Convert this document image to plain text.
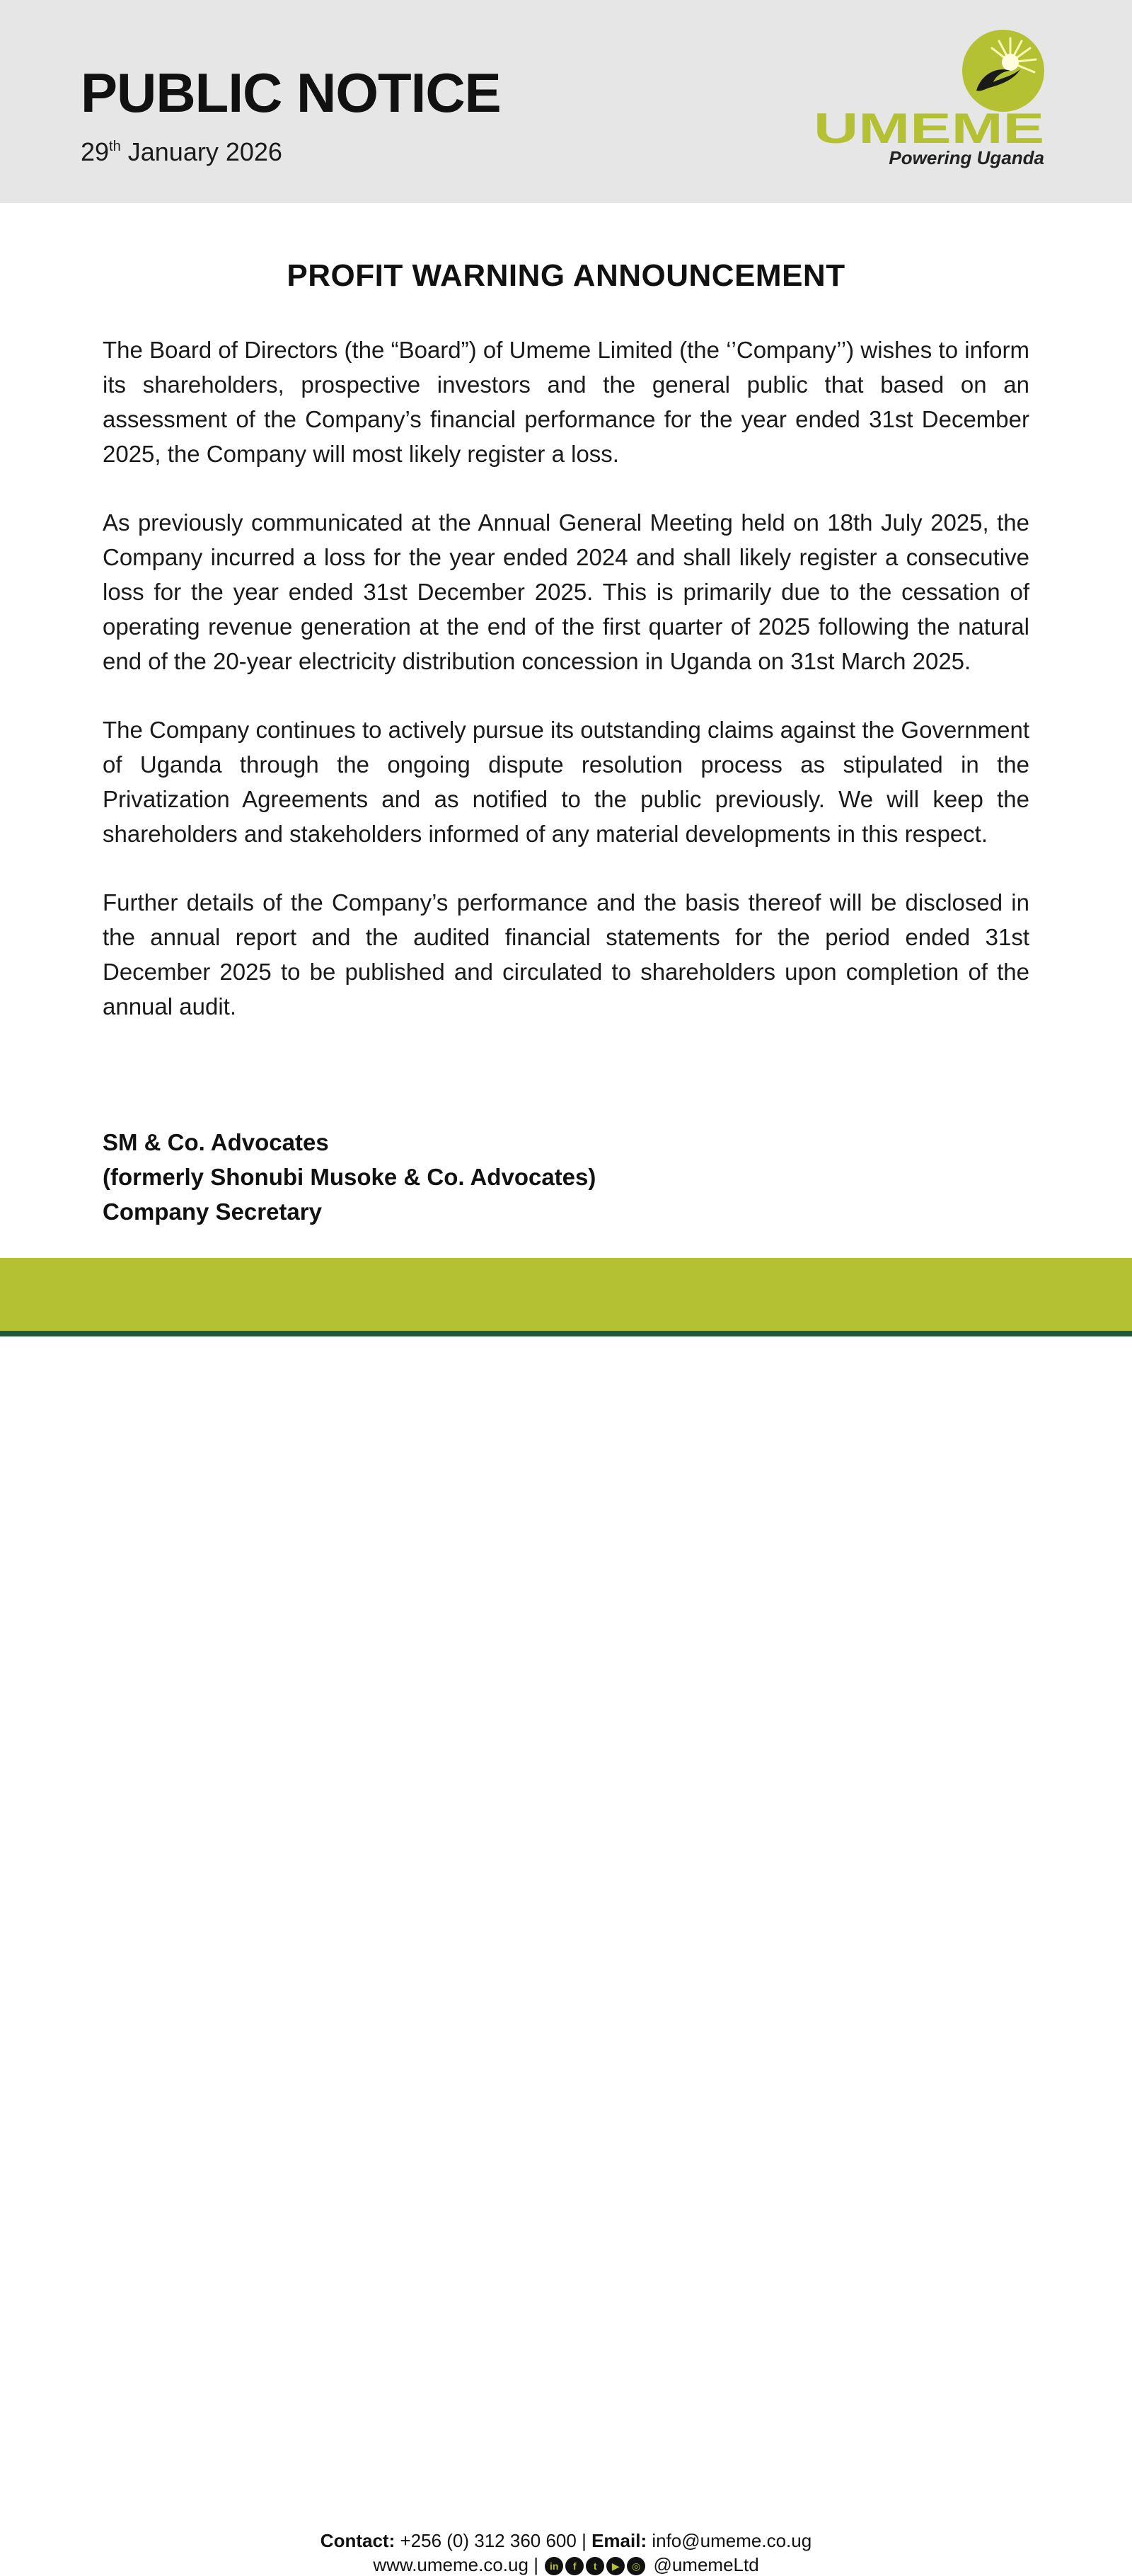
PUBLIC NOTICE
29th January 2026	UMEME
Powering Uganda
PROFIT WARNING ANNOUNCEMENT

The Board of Directors (the “Board”) of Umeme Limited (the ‘’Company’’) wishes to inform its shareholders, prospective investors and the general public that based on an assessment of the Company’s financial performance for the year ended 31st December 2025, the Company will most likely register a loss.

As previously communicated at the Annual General Meeting held on 18th July 2025, the Company incurred a loss for the year ended 2024 and shall likely register a consecutive loss for the year ended 31st December 2025. This is primarily due to the cessation of operating revenue generation at the end of the first quarter of 2025 following the natural end of the 20-year electricity distribution concession in Uganda on 31st March 2025.

The Company continues to actively pursue its outstanding claims against the Government of Uganda through the ongoing dispute resolution process as stipulated in the Privatization Agreements and as notified to the public previously. We will keep the shareholders and stakeholders informed of any material developments in this respect.

Further details of the Company’s performance and the basis thereof will be disclosed in the annual report and the audited financial statements for the period ended 31st December 2025 to be published and circulated to shareholders upon completion of the annual audit.

SM & Co. Advocates
(formerly Shonubi Musoke & Co. Advocates)
Company Secretary
Contact: +256 (0) 312 360 600 | Email: info@umeme.co.ug
www.umeme.co.ug |	in	f	t	▶	◎ @umemeLtd
